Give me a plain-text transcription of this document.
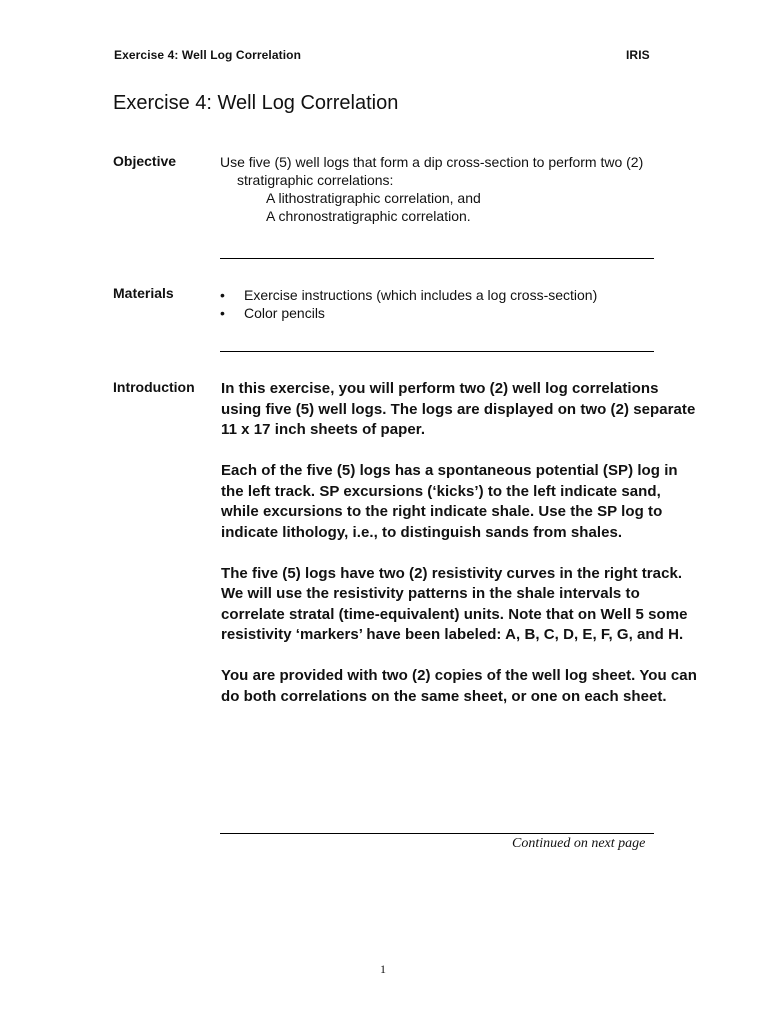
Exercise 4: Well Log Correlation	IRIS
Exercise 4: Well Log Correlation
Objective	Use five (5) well logs that form a dip cross-section to perform two (2)
stratigraphic correlations:
A lithostratigraphic correlation, and
A chronostratigraphic correlation.
Materials	• Exercise instructions (which includes a log cross-section)
• Color pencils
Introduction In this exercise, you will perform two (2) well log correlations using five (5) well logs. The logs are displayed on two (2) separate 11 x 17 inch sheets of paper.

Each of the five (5) logs has a spontaneous potential (SP) log in the left track. SP excursions (‘kicks’) to the left indicate sand, while excursions to the right indicate shale. Use the SP log to indicate lithology, i.e., to distinguish sands from shales.

The five (5) logs have two (2) resistivity curves in the right track. We will use the resistivity patterns in the shale intervals to correlate stratal (time-equivalent) units. Note that on Well 5 some resistivity ‘markers’ have been labeled: A, B, C, D, E, F, G, and H.

You are provided with two (2) copies of the well log sheet. You can do both correlations on the same sheet, or one on each sheet.

Continued on next page
1
